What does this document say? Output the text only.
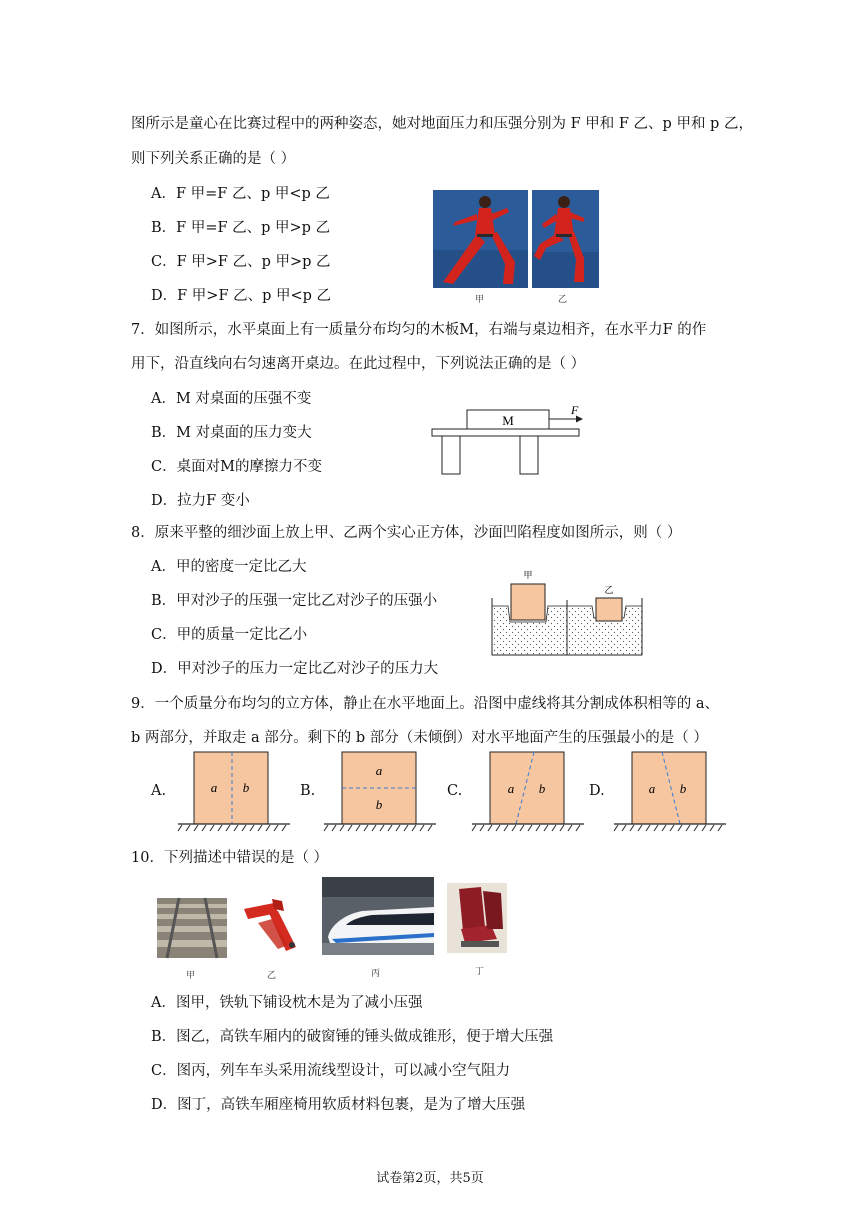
图所示是童心在比赛过程中的两种姿态，她对地面压力和压强分别为 F 甲和 F 乙、p 甲和 p 乙，
则下列关系正确的是（ ）
A．F 甲=F 乙、p 甲<p 乙
B．F 甲=F 乙、p 甲>p 乙
C．F 甲>F 乙、p 甲>p 乙
D．F 甲>F 乙、p 甲<p 乙	甲	乙
7．如图所示，水平桌面上有一质量分布均匀的木板M，右端与桌边相齐，在水平力F 的作
用下，沿直线向右匀速离开桌边。在此过程中，下列说法正确的是（ ）
A．M 对桌面的压强不变
B．M 对桌面的压力变大
C．桌面对M的摩擦力不变
D．拉力F 变小
M
F
8．原来平整的细沙面上放上甲、乙两个实心正方体，沙面凹陷程度如图所示，则（ ）
A．甲的密度一定比乙大
B．甲对沙子的压强一定比乙对沙子的压强小
C．甲的质量一定比乙小
D．甲对沙子的压力一定比乙对沙子的压力大
甲
乙
9．一个质量分布均匀的立方体，静止在水平地面上。沿图中虚线将其分割成体积相等的 a、
b 两部分，并取走 a 部分。剩下的 b 部分（未倾倒）对水平地面产生的压强最小的是（ ）
A.	B.	C.	D.
a b
a
b
a b	a b
10．下列描述中错误的是（ ）
甲	乙	丙	丁
A．图甲，铁轨下铺设枕木是为了减小压强
B．图乙，高铁车厢内的破窗锤的锤头做成锥形，便于增大压强
C．图丙，列车车头采用流线型设计，可以减小空气阻力
D．图丁，高铁车厢座椅用软质材料包裹，是为了增大压强
试卷第2页，共5页
